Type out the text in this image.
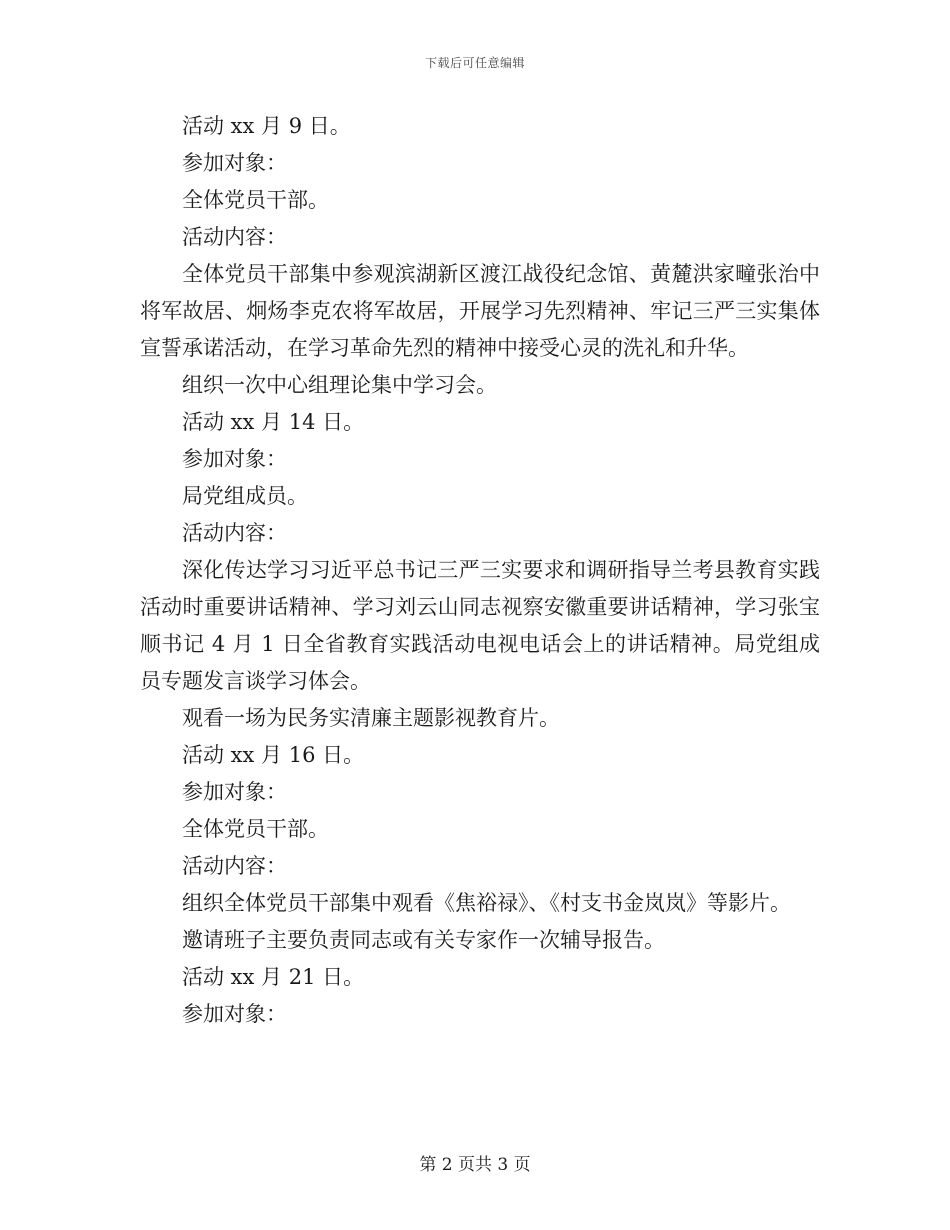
下载后可任意编辑

活动 xx 月 9 日。

参加对象：

全体党员干部。

活动内容：

全体党员干部集中参观滨湖新区渡江战役纪念馆、黄麓洪家疃张治中将军故居、炯炀李克农将军故居，开展学习先烈精神、牢记三严三实集体宣誓承诺活动，在学习革命先烈的精神中接受心灵的洗礼和升华。

组织一次中心组理论集中学习会。

活动 xx 月 14 日。

参加对象：

局党组成员。

活动内容：

深化传达学习习近平总书记三严三实要求和调研指导兰考县教育实践活动时重要讲话精神、学习刘云山同志视察安徽重要讲话精神，学习张宝顺书记 4 月 1 日全省教育实践活动电视电话会上的讲话精神。局党组成员专题发言谈学习体会。

观看一场为民务实清廉主题影视教育片。

活动 xx 月 16 日。

参加对象：

全体党员干部。

活动内容：

组织全体党员干部集中观看《焦裕禄》、《村支书金岚岚》等影片。

邀请班子主要负责同志或有关专家作一次辅导报告。

活动 xx 月 21 日。

参加对象：

第 2 页共 3 页
